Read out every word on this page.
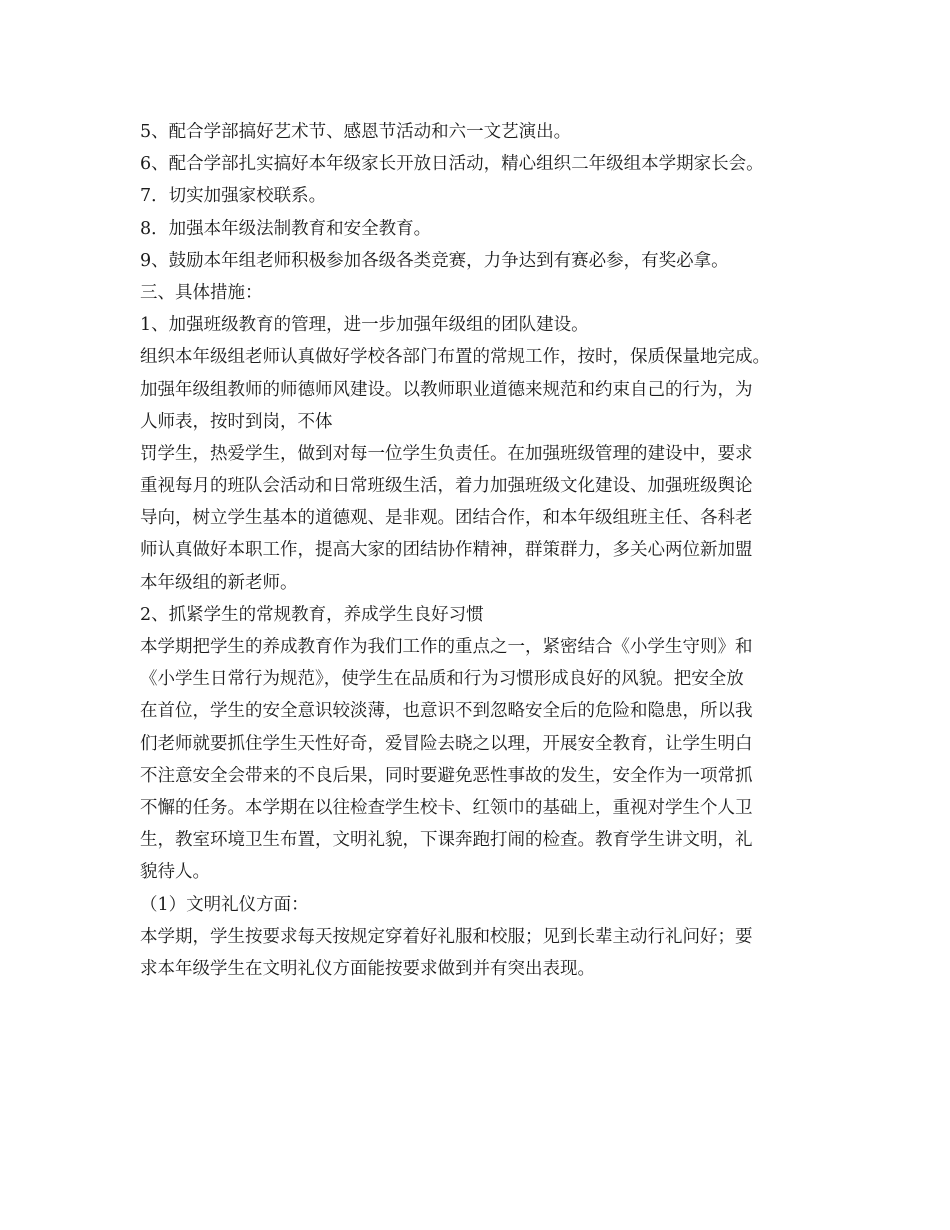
5、配合学部搞好艺术节、感恩节活动和六一文艺演出。
6、配合学部扎实搞好本年级家长开放日活动，精心组织二年级组本学期家长会。
7．切实加强家校联系。
8．加强本年级法制教育和安全教育。
9、鼓励本年组老师积极参加各级各类竞赛，力争达到有赛必参，有奖必拿。
三、具体措施：
1、加强班级教育的管理，进一步加强年级组的团队建设。
组织本年级组老师认真做好学校各部门布置的常规工作，按时，保质保量地完成。
加强年级组教师的师德师风建设。以教师职业道德来规范和约束自己的行为，为
人师表，按时到岗，不体
罚学生，热爱学生，做到对每一位学生负责任。在加强班级管理的建设中，要求
重视每月的班队会活动和日常班级生活，着力加强班级文化建设、加强班级舆论
导向，树立学生基本的道德观、是非观。团结合作，和本年级组班主任、各科老
师认真做好本职工作，提高大家的团结协作精神，群策群力，多关心两位新加盟
本年级组的新老师。
2、抓紧学生的常规教育，养成学生良好习惯
本学期把学生的养成教育作为我们工作的重点之一，紧密结合《小学生守则》和
《小学生日常行为规范》，使学生在品质和行为习惯形成良好的风貌。把安全放
在首位，学生的安全意识较淡薄，也意识不到忽略安全后的危险和隐患，所以我
们老师就要抓住学生天性好奇，爱冒险去晓之以理，开展安全教育，让学生明白
不注意安全会带来的不良后果，同时要避免恶性事故的发生，安全作为一项常抓
不懈的任务。本学期在以往检查学生校卡、红领巾的基础上，重视对学生个人卫
生，教室环境卫生布置，文明礼貌，下课奔跑打闹的检查。教育学生讲文明，礼
貌待人。
（1）文明礼仪方面：
本学期，学生按要求每天按规定穿着好礼服和校服；见到长辈主动行礼问好；要
求本年级学生在文明礼仪方面能按要求做到并有突出表现。
